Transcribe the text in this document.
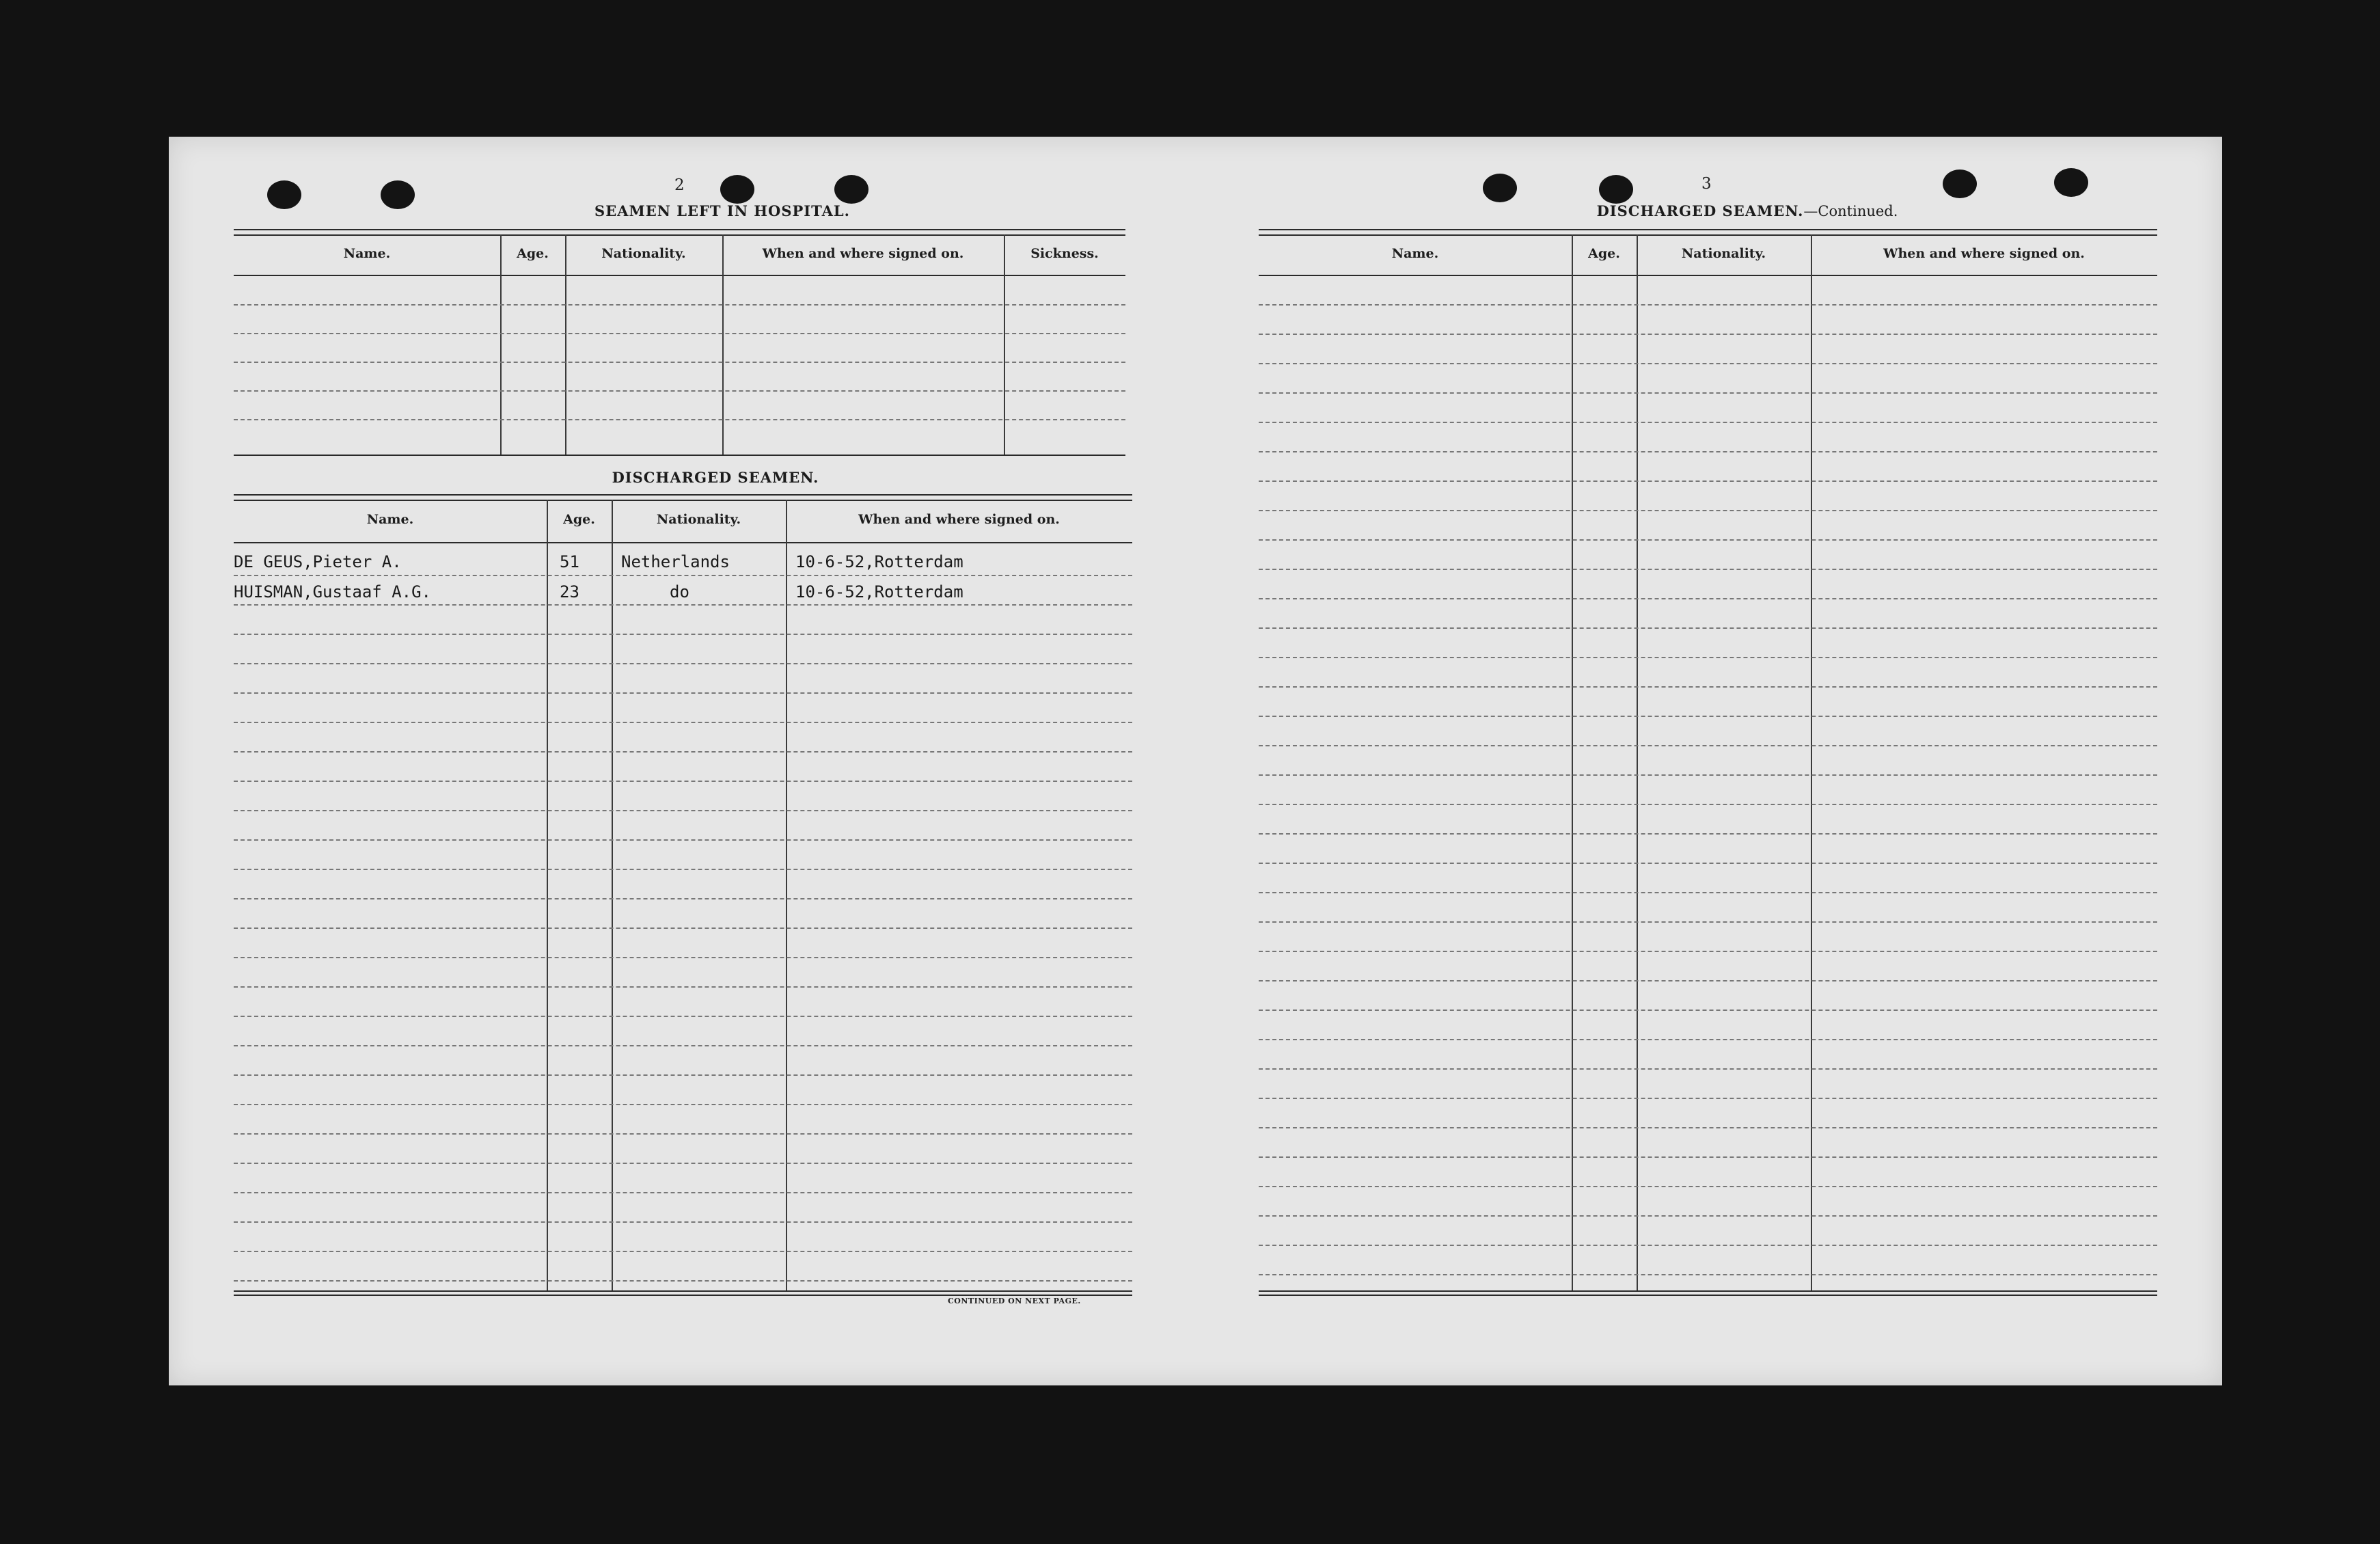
2
SEAMEN LEFT IN HOSPITAL.
Name.	Age.	Nationality.	When and where signed on.	Sickness.
DISCHARGED SEAMEN.
Name.	Age.	Nationality.	When and where signed on.
DE GEUS,Pieter A.	51	Netherlands	10-6-52,Rotterdam
HUISMAN,Gustaaf A.G.	23	do	10-6-52,Rotterdam
CONTINUED ON NEXT PAGE.
3
DISCHARGED SEAMEN.—Continued.
Name.	Age.	Nationality.	When and where signed on.
